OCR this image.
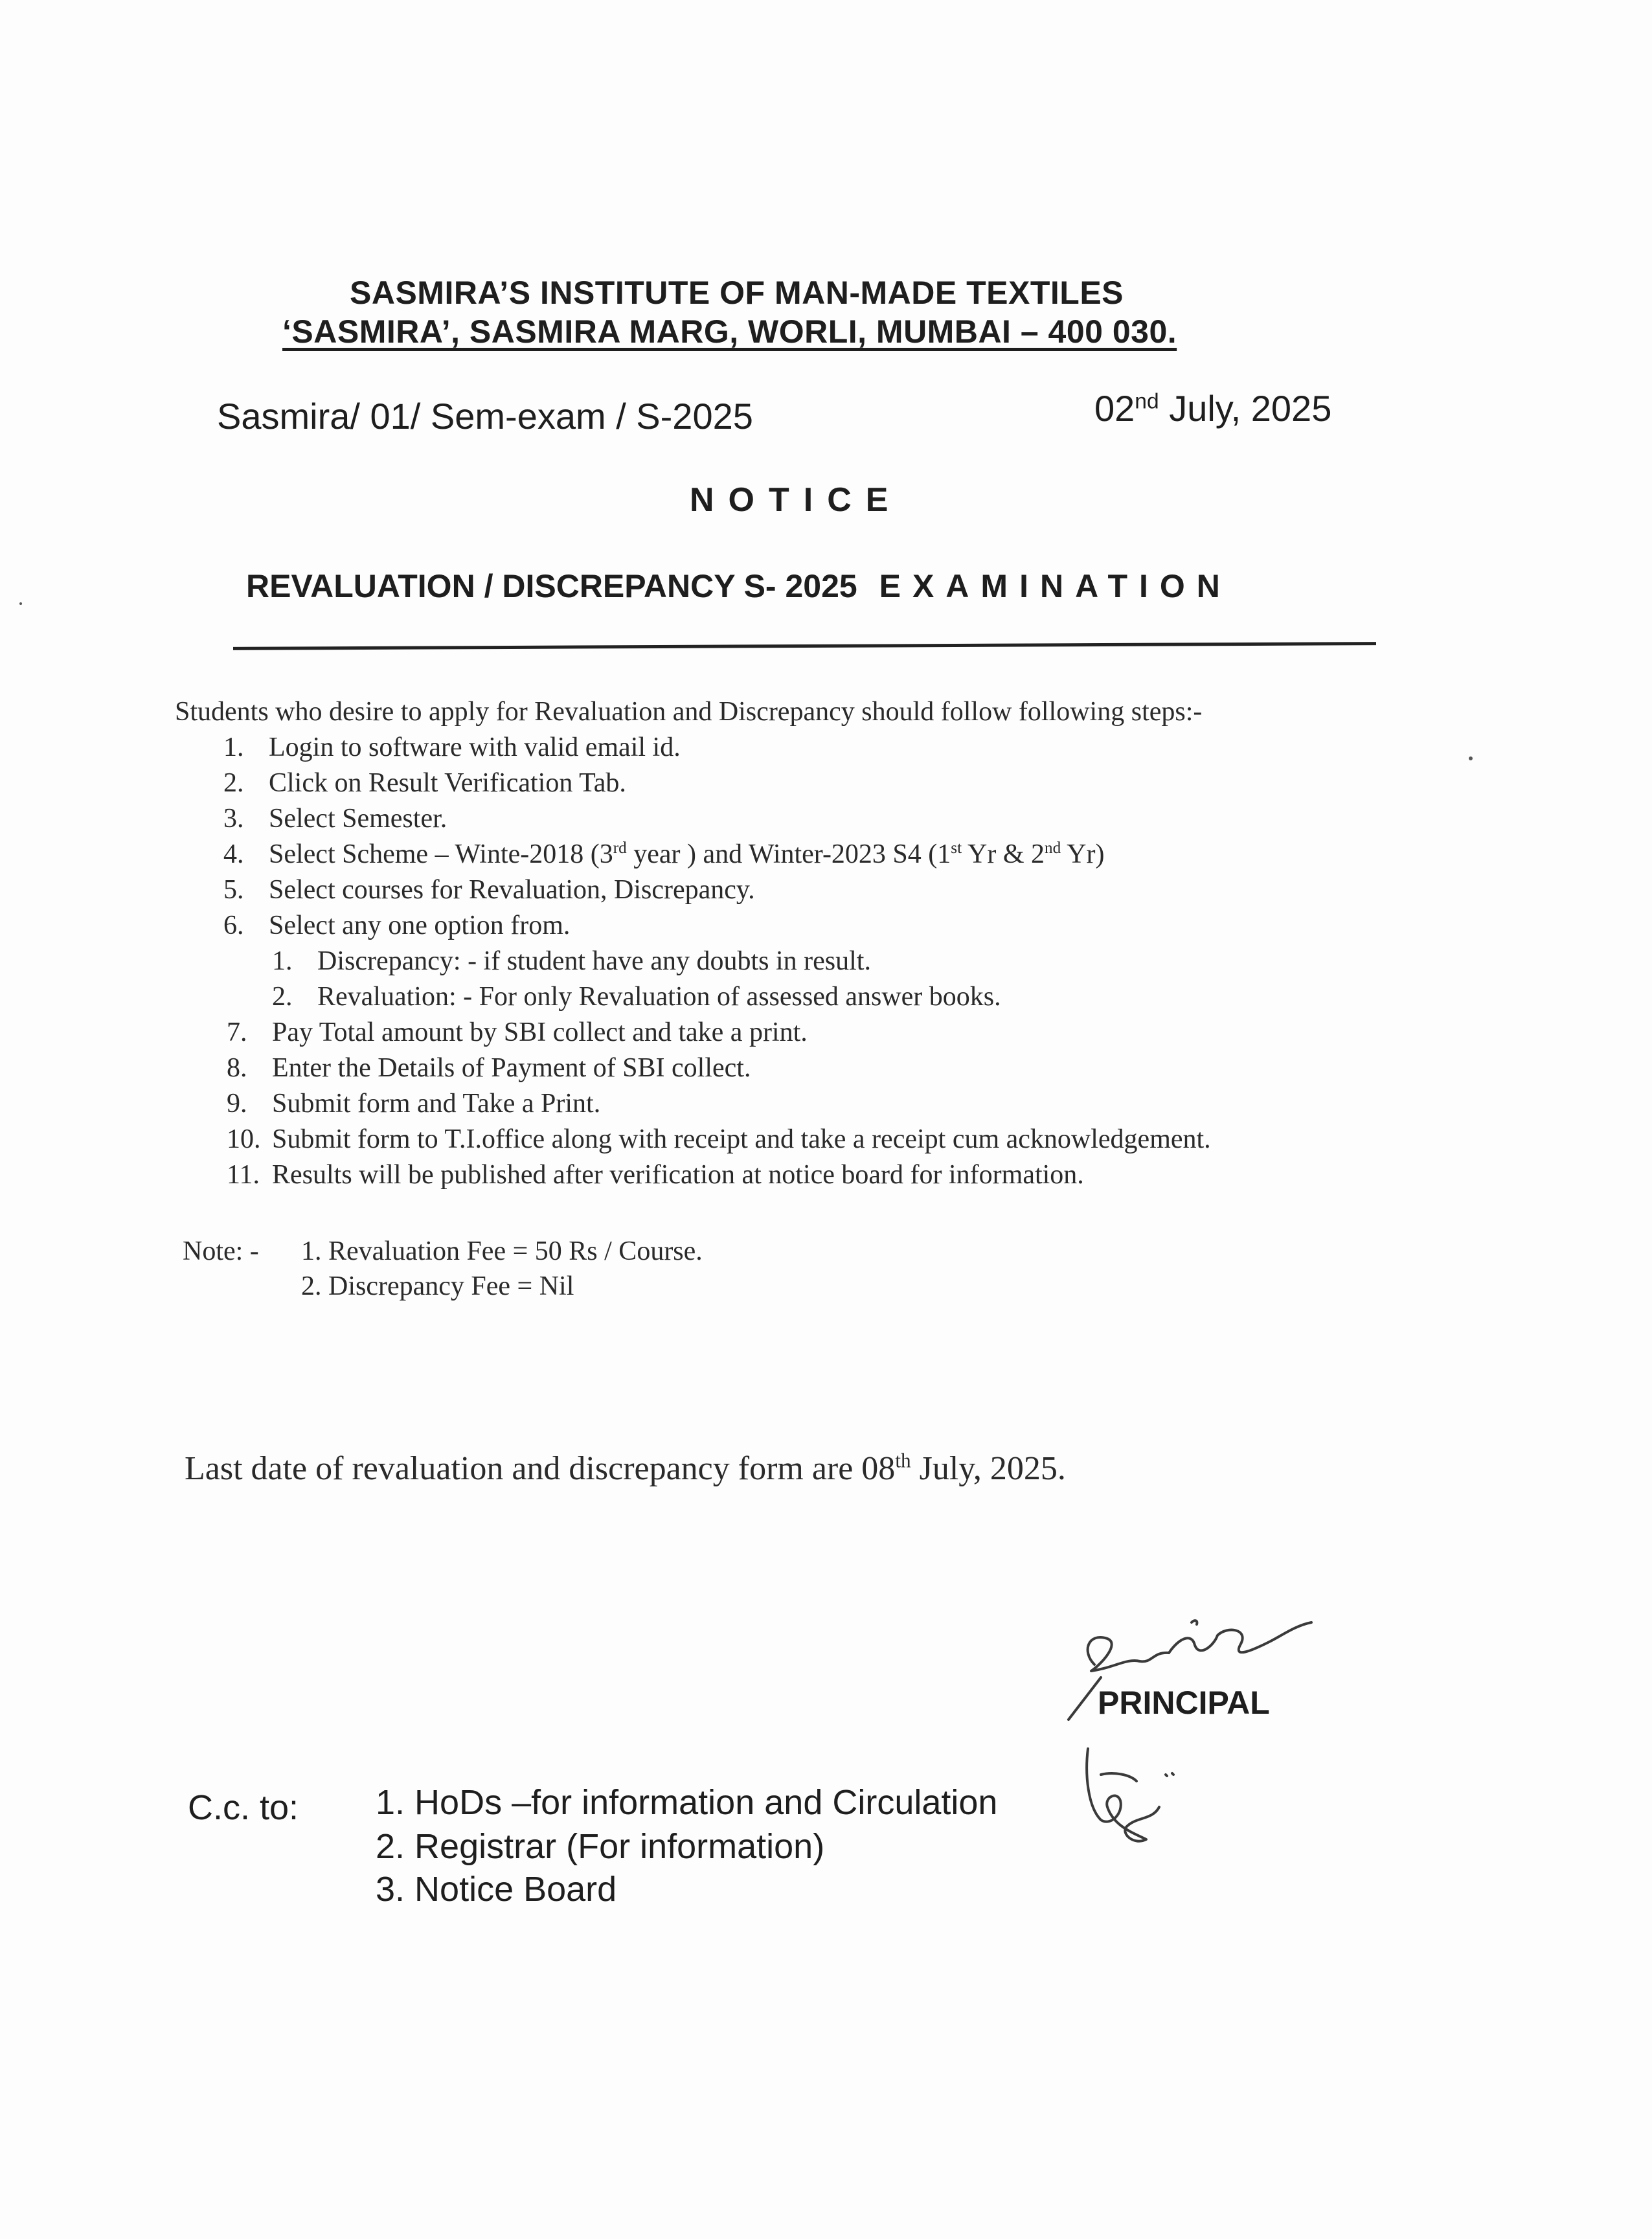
SASMIRA’S INSTITUTE OF MAN-MADE TEXTILES
‘SASMIRA’, SASMIRA MARG, WORLI, MUMBAI – 400 030.
Sasmira/ 01/ Sem-exam / S-2025	02nd July, 2025
NOTICE
REVALUATION / DISCREPANCY S- 2025 EXAMINATION
Students who desire to apply for Revaluation and Discrepancy should follow following steps:-
1. Login to software with valid email id.
2. Click on Result Verification Tab.
3. Select Semester.
4. Select Scheme – Winte-2018 (3rd year ) and Winter-2023 S4 (1st Yr & 2nd Yr)
5. Select courses for Revaluation, Discrepancy.
6. Select any one option from.
1. Discrepancy: - if student have any doubts in result.
2. Revaluation: - For only Revaluation of assessed answer books.
7. Pay Total amount by SBI collect and take a print.
8. Enter the Details of Payment of SBI collect.
9. Submit form and Take a Print.
10. Submit form to T.I.office along with receipt and take a receipt cum acknowledgement.
11. Results will be published after verification at notice board for information.
Note: - 1. Revaluation Fee = 50 Rs / Course.
2. Discrepancy Fee = Nil
Last date of revaluation and discrepancy form are 08th July, 2025.
PRINCIPAL
C.c. to: 1. HoDs –for information and Circulation
2. Registrar (For information)
3. Notice Board
